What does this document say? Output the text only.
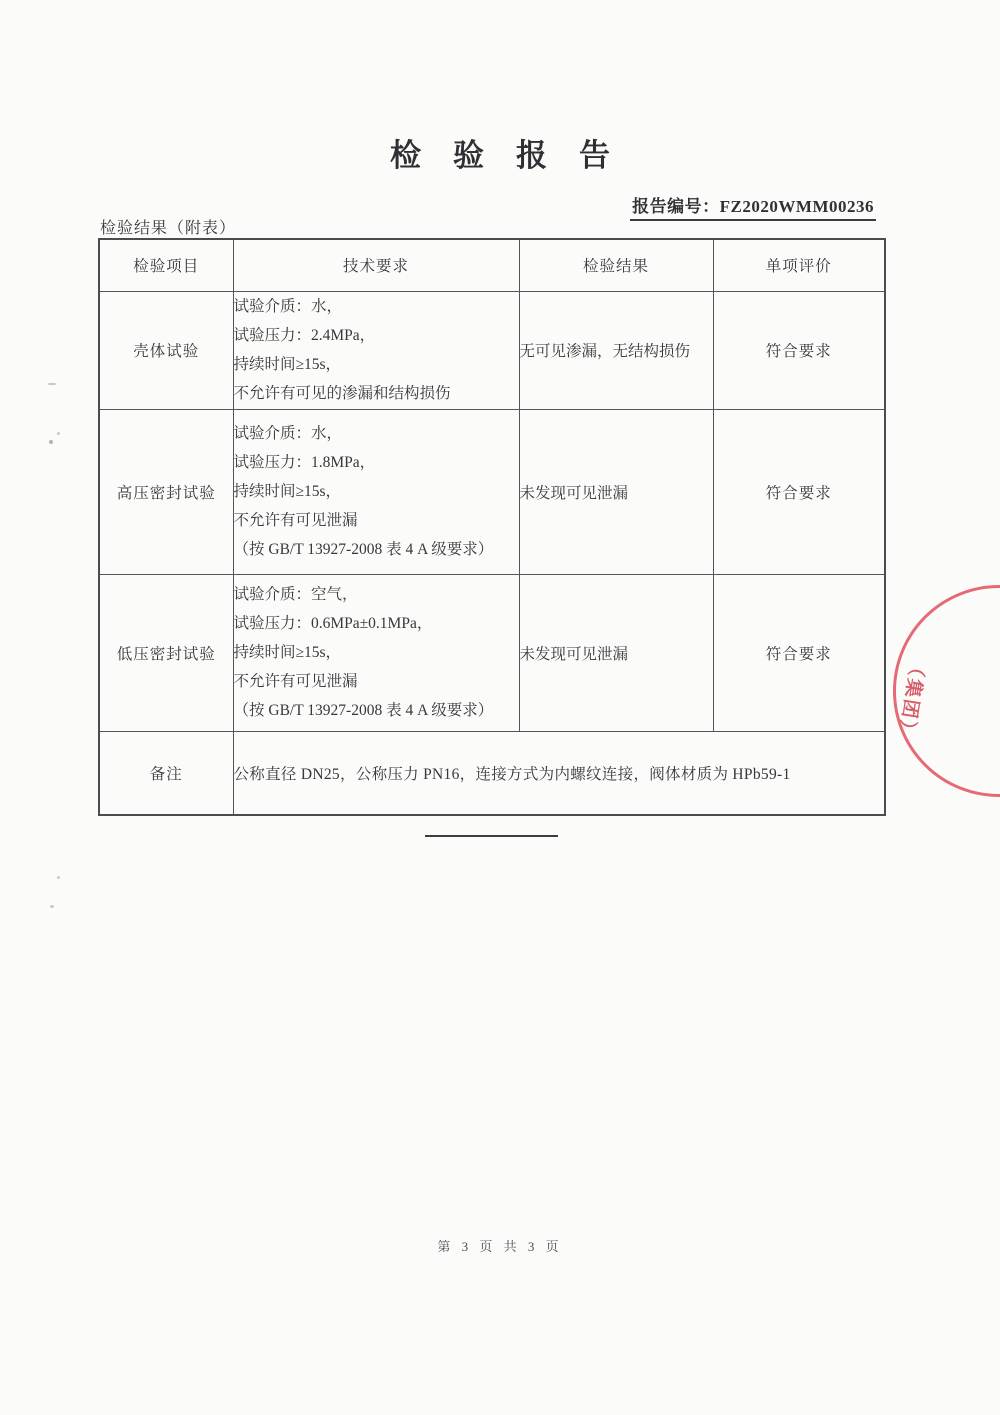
检验报告
报告编号：FZ2020WMM00236
检验结果（附表）
检验项目	技术要求	检验结果	单项评价
壳体试验	试验介质：水，
试验压力：2.4MPa，
持续时间≥15s，
不允许有可见的渗漏和结构损伤	无可见渗漏，无结构损伤	符合要求
高压密封试验	试验介质：水，
试验压力：1.8MPa，
持续时间≥15s，
不允许有可见泄漏
（按 GB/T 13927-2008 表 4 A 级要求）	未发现可见泄漏	符合要求
低压密封试验	试验介质：空气，
试验压力：0.6MPa±0.1MPa，
持续时间≥15s，
不允许有可见泄漏
（按 GB/T 13927-2008 表 4 A 级要求）	未发现可见泄漏	符合要求
备注	公称直径 DN25，公称压力 PN16，连接方式为内螺纹连接，阀体材质为 HPb59-1		
（集团）
第 3 页 共 3 页
